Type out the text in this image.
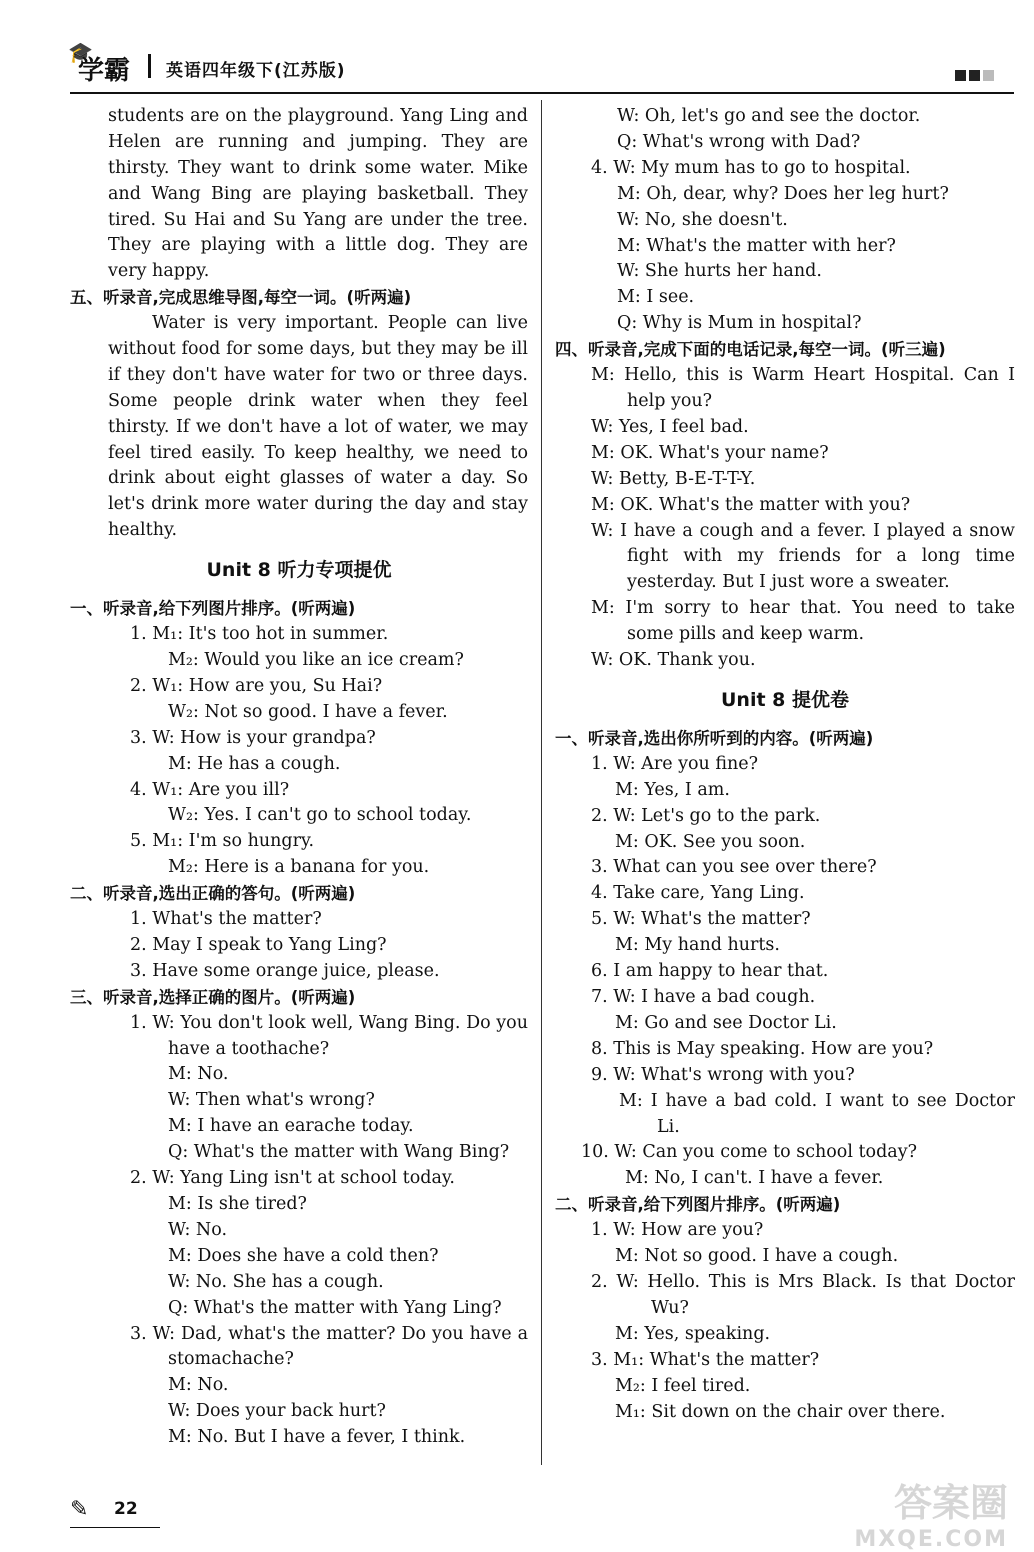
🎓
学霸 英语四年级下(江苏版)
students are on the playground. Yang Ling and
Helen are running and jumping. They are
thirsty. They want to drink some water. Mike
and Wang Bing are playing basketball. They
tired. Su Hai and Su Yang are under the tree.
They are playing with a little dog. They are
very happy.
五、听录音,完成思维导图,每空一词。(听两遍)
Water is very important. People can live
without food for some days, but they may be ill
if they don't have water for two or three days.
Some people drink water when they feel
thirsty. If we don't have a lot of water, we may
feel tired easily. To keep healthy, we need to
drink about eight glasses of water a day. So
let's drink more water during the day and stay
healthy.
Unit 8 听力专项提优
一、听录音,给下列图片排序。(听两遍)
1. M₁: It's too hot in summer.
M₂: Would you like an ice cream?
2. W₁: How are you, Su Hai?
W₂: Not so good. I have a fever.
3. W: How is your grandpa?
M: He has a cough.
4. W₁: Are you ill?
W₂: Yes. I can't go to school today.
5. M₁: I'm so hungry.
M₂: Here is a banana for you.
二、听录音,选出正确的答句。(听两遍)
1. What's the matter?
2. May I speak to Yang Ling?
3. Have some orange juice, please.
三、听录音,选择正确的图片。(听两遍)
1. W: You don't look well, Wang Bing. Do you have a toothache?
M: No.
W: Then what's wrong?
M: I have an earache today.
Q: What's the matter with Wang Bing?
2. W: Yang Ling isn't at school today.
M: Is she tired?
W: No.
M: Does she have a cold then?
W: No. She has a cough.
Q: What's the matter with Yang Ling?
3. W: Dad, what's the matter? Do you have a stomachache?
M: No.
W: Does your back hurt?
M: No. But I have a fever, I think.
W: Oh, let's go and see the doctor.
Q: What's wrong with Dad?
4. W: My mum has to go to hospital.
M: Oh, dear, why? Does her leg hurt?
W: No, she doesn't.
M: What's the matter with her?
W: She hurts her hand.
M: I see.
Q: Why is Mum in hospital?
四、听录音,完成下面的电话记录,每空一词。(听三遍)
M: Hello, this is Warm Heart Hospital. Can I help you?
W: Yes, I feel bad.
M: OK. What's your name?
W: Betty, B-E-T-T-Y.
M: OK. What's the matter with you?
W: I have a cough and a fever. I played a snow fight with my friends for a long time yesterday. But I just wore a sweater.
M: I'm sorry to hear that. You need to take some pills and keep warm.
W: OK. Thank you.
Unit 8 提优卷
一、听录音,选出你所听到的内容。(听两遍)
1. W: Are you fine?
M: Yes, I am.
2. W: Let's go to the park.
M: OK. See you soon.
3. What can you see over there?
4. Take care, Yang Ling.
5. W: What's the matter?
M: My hand hurts.
6. I am happy to hear that.
7. W: I have a bad cough.
M: Go and see Doctor Li.
8. This is May speaking. How are you?
9. W: What's wrong with you?
M: I have a bad cold. I want to see Doctor Li.
10. W: Can you come to school today?
M: No, I can't. I have a fever.
二、听录音,给下列图片排序。(听两遍)
1. W: How are you?
M: Not so good. I have a cough.
2. W: Hello. This is Mrs Black. Is that Doctor Wu?
M: Yes, speaking.
3. M₁: What's the matter?
M₂: I feel tired.
M₁: Sit down on the chair over there.
✎ 22	答案圈
MXQE.COM
